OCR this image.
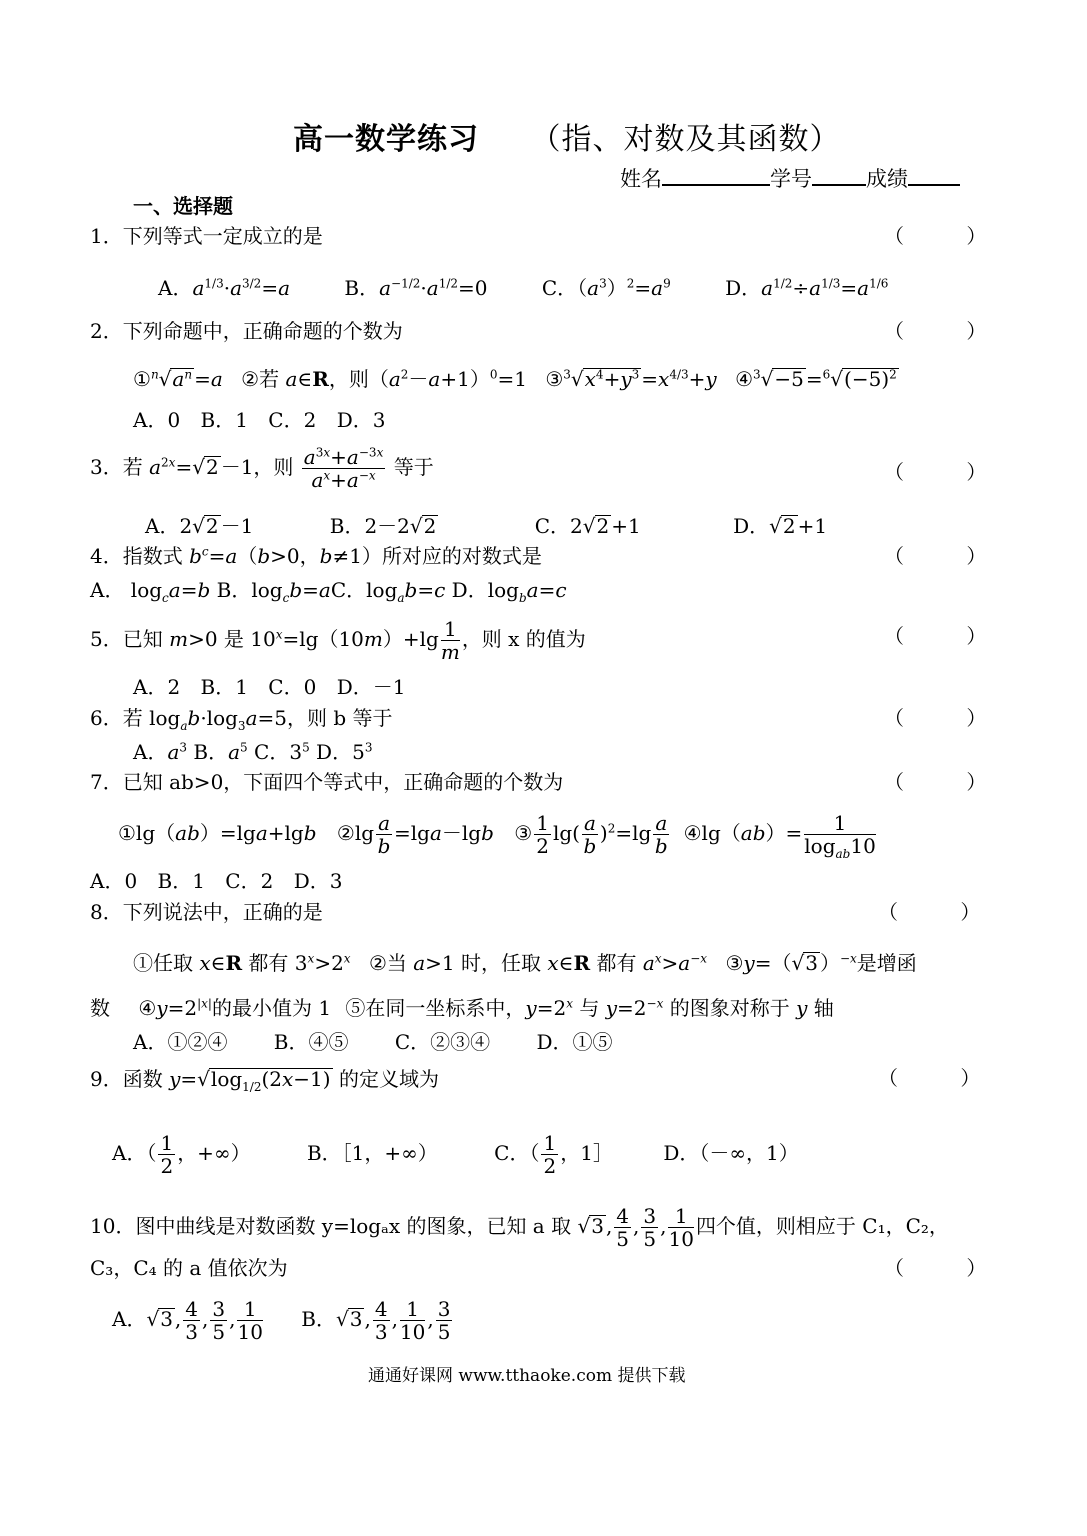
高一数学练习 （指、对数及其函数）
姓名	学号	成绩
一、选择题
1．下列等式一定成立的是	（ ）
A．$a^{1/3}\cdot a^{3/2}=a$	B．$a^{-1/2}\cdot a^{1/2}=0$	C．$(a^3)^2=a^9$	D．$a^{1/2}\div a^{1/3}=a^{1/6}$
2．下列命题中，正确命题的个数为	（ ）
$①^n√a^n =a$ ②若 a∈R，则$(a^2-a+1)^0=1$ $③^3√x^4+y^3 =x^{4/3}+y$ ④$^3$√−5 $=^6√(-5)^2$
A．0 B．1 C．2 D．3
3．若 $a^{2x}=√2 -1$，则 $\frac{a^{3x}+a^{-3x}}{a^x+a^{-x}}$ 等于	（ ）
A．2√2 －1	B．2－2√2	C．2√2 +1	D．√2 +1
4．指数式 $b^c=a(b>0$，b≠1）所对应的对数式是	（ ）
A． $\log_ca=b$ B．$\log_cb=aC$．$\log_ab=c$ D．$\log_ba=c$
5．已知 m>0 是 $10^x=\lg(10m)+\lg \frac{1}{m}$ ，则 x 的值为	（ ）
A．2 B．1 C．0 D．－1
6．若 $\log_ab\cdot\log_3a=5$，则 b 等于	（ ）
A．$a^3$ B．$a^5$ C．$3^5$ D．$5^3$
7．已知 ab>0，下面四个等式中，正确命题的个数为	（ ）
①lg（ab）=lga+lgb ②lg $\frac{a}{b} =\lg a-\lg b$ ③ $\frac{1}{2} \lg( \frac{a}{b} )^2=\lg \frac{a}{b}$ ④lg（ab）= $\frac{1}{\log_{ab}10}$
A．0 B．1 C．2 D．3
8．下列说法中，正确的是	（ ）
①任取 x∈R 都有 $3^x>2^x$ ②当 a>1 时，任取 x∈R 都有 $a^x>a^{-x}$ ③y=（√3 ）$^{-x}$是增函
数 $④y=2^{|x|}$的最小值为 1 ⑤在同一坐标系中，$y=2^x$ 与 $y=2^{-x}$ 的图象对称于 y 轴
A．①②④ B．④⑤ C．②③④ D．①⑤
9．函数 $y=√\log_{1/2}(2x-1)$ 的定义域为	（ ）
A．（ $\frac{1}{2}$ ，+∞）	B．［1，+∞）	C．（ $\frac{1}{2}$ ，1］	D．（－∞，1）
10．图中曲线是对数函数 y=logₐx 的图象，已知 a 取 √3 , $\frac{4}{5}$ , $\frac{3}{5}$ , $\frac{1}{10}$ 四个值，则相应于 C₁，C₂，
C₃，C₄ 的 a 值依次为	（ ）
A．√3 , $\frac{4}{3}$ , $\frac{3}{5}$ , $\frac{1}{10}$ B．√3 , $\frac{4}{3}$ , $\frac{1}{10}$ , $\frac{3}{5}$
通通好课网 www.tthaoke.com 提供下载
